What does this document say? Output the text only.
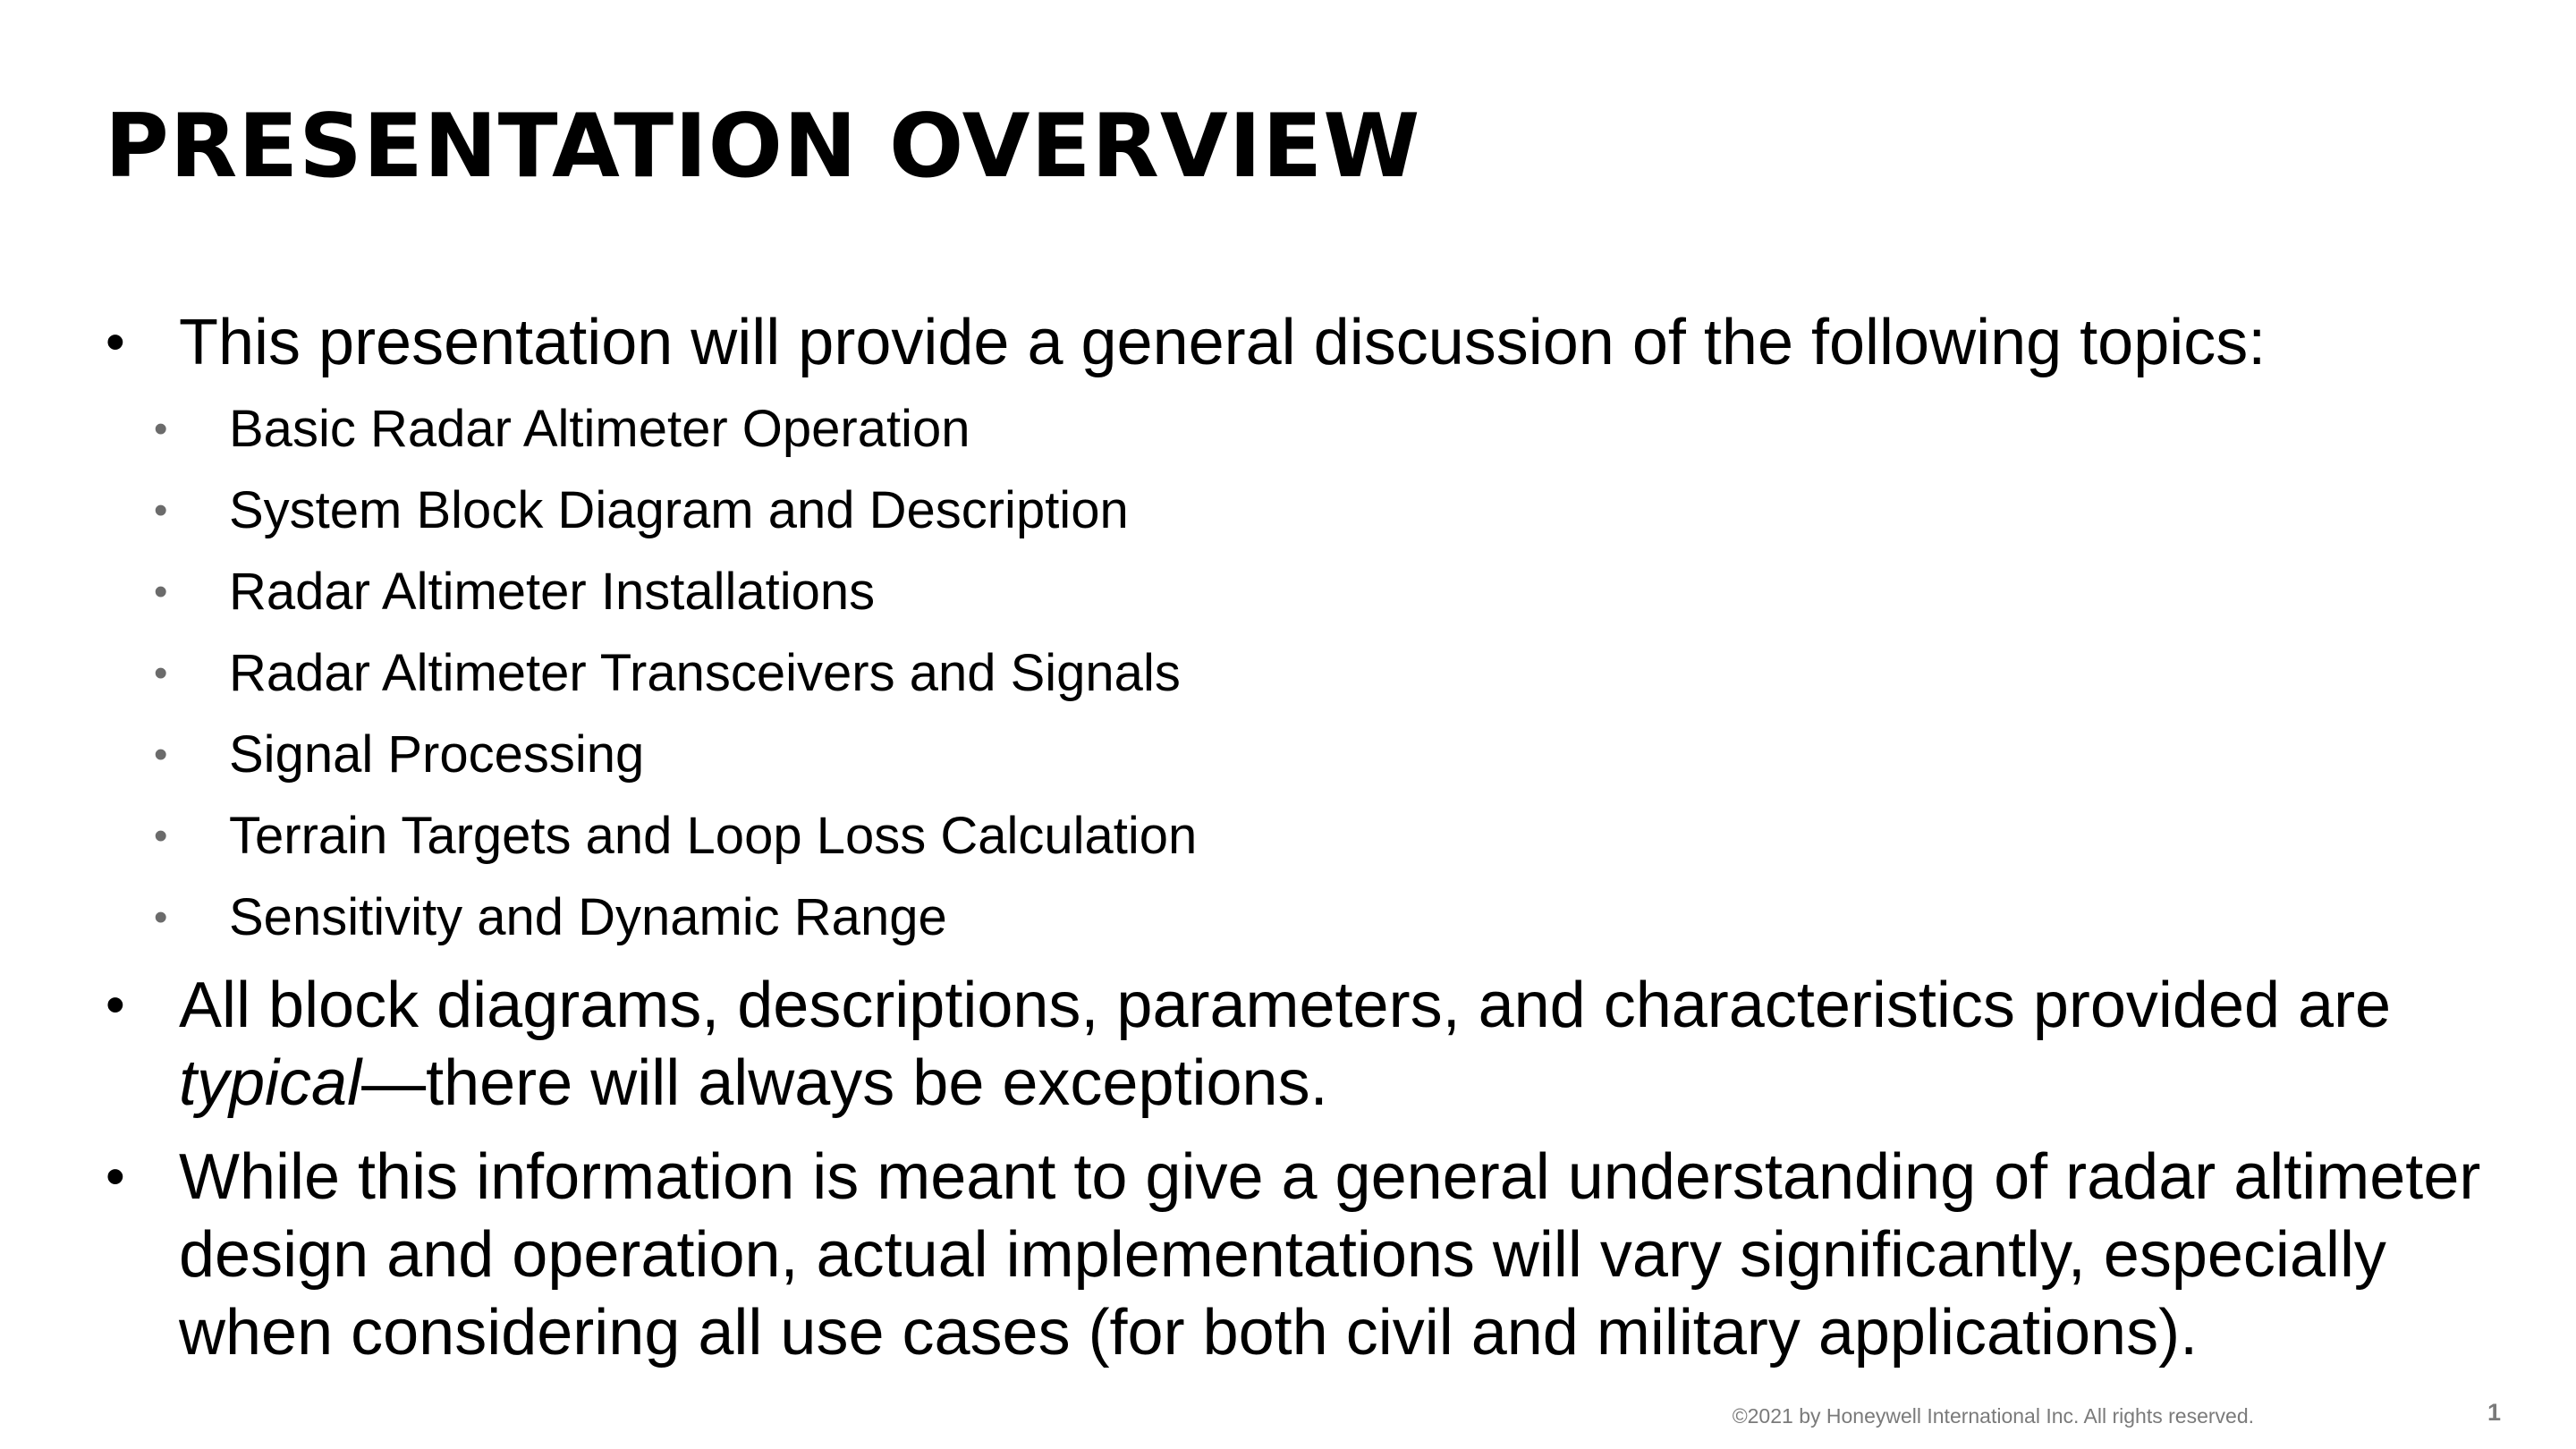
PRESENTATION OVERVIEW
• This presentation will provide a general discussion of the following topics:
• Basic Radar Altimeter Operation
• System Block Diagram and Description
• Radar Altimeter Installations
• Radar Altimeter Transceivers and Signals
• Signal Processing
• Terrain Targets and Loop Loss Calculation
• Sensitivity and Dynamic Range
• All block diagrams, descriptions, parameters, and characteristics provided are
typical—there will always be exceptions.
• While this information is meant to give a general understanding of radar altimeter
design and operation, actual implementations will vary significantly, especially
when considering all use cases (for both civil and military applications).
©2021 by Honeywell International Inc. All rights reserved.	1
